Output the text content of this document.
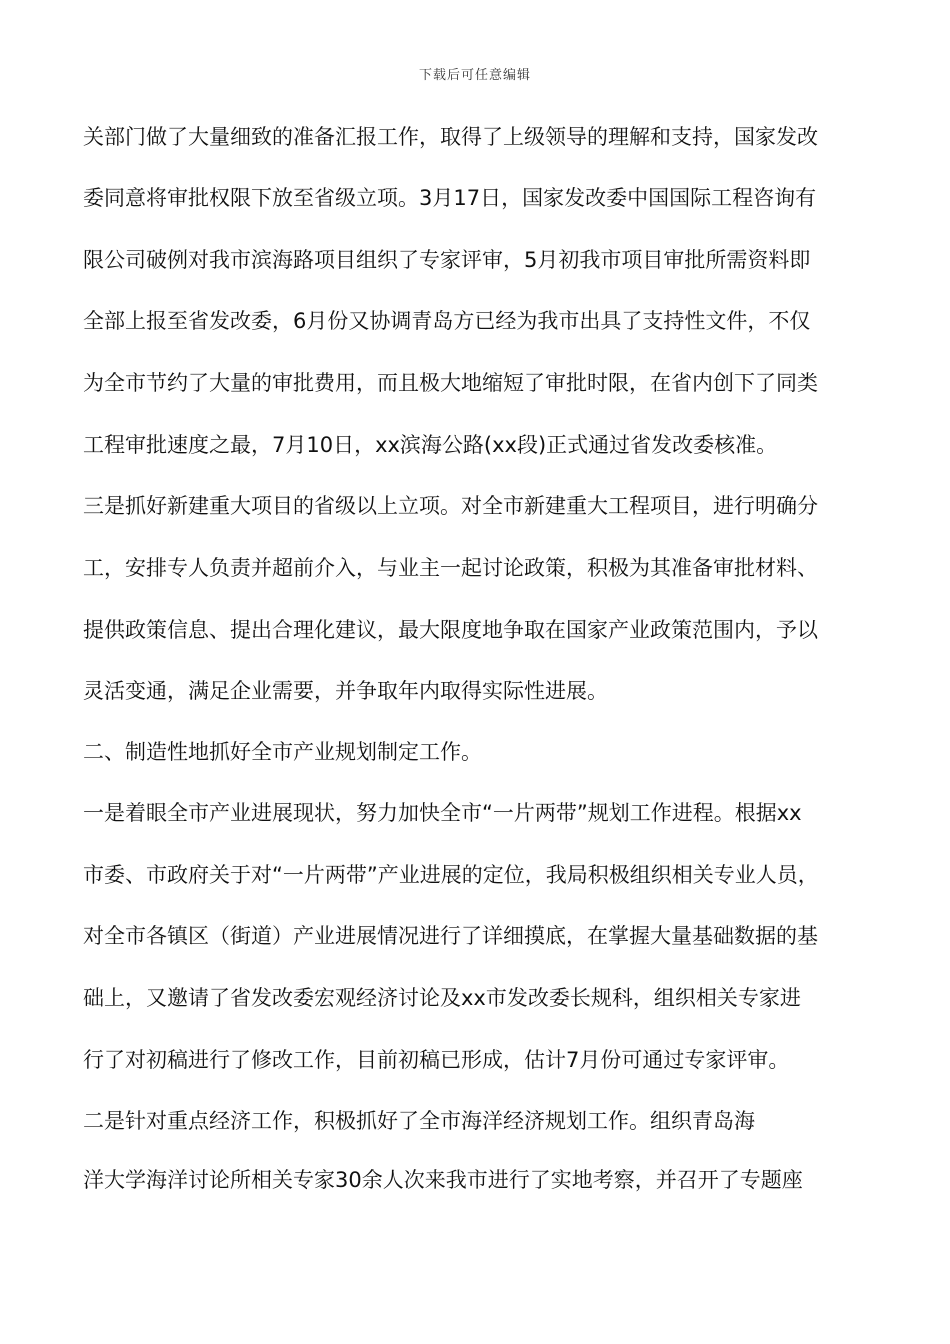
下载后可任意编辑
关部门做了大量细致的准备汇报工作，取得了上级领导的理解和支持，国家发改
委同意将审批权限下放至省级立项。3月17日，国家发改委中国国际工程咨询有
限公司破例对我市滨海路项目组织了专家评审，5月初我市项目审批所需资料即
全部上报至省发改委，6月份又协调青岛方已经为我市出具了支持性文件，不仅
为全市节约了大量的审批费用，而且极大地缩短了审批时限，在省内创下了同类
工程审批速度之最，7月10日，xx滨海公路(xx段)正式通过省发改委核准。
三是抓好新建重大项目的省级以上立项。对全市新建重大工程项目，进行明确分
工，安排专人负责并超前介入，与业主一起讨论政策，积极为其准备审批材料、
提供政策信息、提出合理化建议，最大限度地争取在国家产业政策范围内，予以
灵活变通，满足企业需要，并争取年内取得实际性进展。
二、制造性地抓好全市产业规划制定工作。
一是着眼全市产业进展现状，努力加快全市“一片两带”规划工作进程。根据xx
市委、市政府关于对“一片两带”产业进展的定位，我局积极组织相关专业人员，
对全市各镇区（街道）产业进展情况进行了详细摸底，在掌握大量基础数据的基
础上，又邀请了省发改委宏观经济讨论及xx市发改委长规科，组织相关专家进
行了对初稿进行了修改工作，目前初稿已形成，估计7月份可通过专家评审。
二是针对重点经济工作，积极抓好了全市海洋经济规划工作。组织青岛海
洋大学海洋讨论所相关专家30余人次来我市进行了实地考察，并召开了专题座
